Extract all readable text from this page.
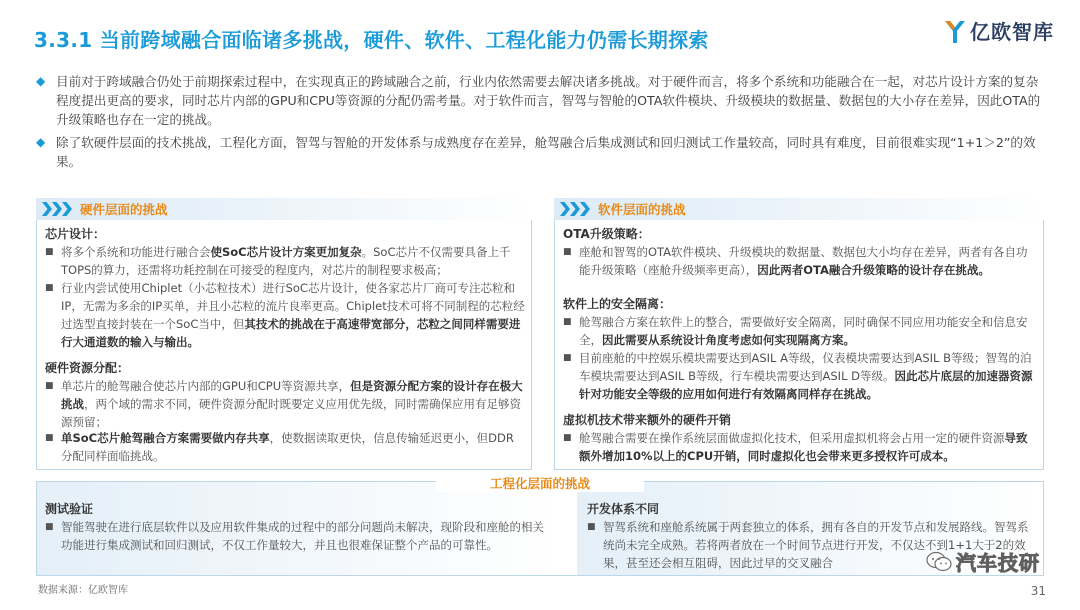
3.3.1 当前跨域融合面临诸多挑战，硬件、软件、工程化能力仍需长期探索	亿欧智库
◆ 目前对于跨域融合仍处于前期探索过程中，在实现真正的跨域融合之前，行业内依然需要去解决诸多挑战。对于硬件而言，将多个系统和功能融合在一起，对芯片设计方案的复杂程度提出更高的要求，同时芯片内部的GPU和CPU等资源的分配仍需考量。对于软件而言，智驾与智舱的OTA软件模块、升级模块的数据量、数据包的大小存在差异，因此OTA的升级策略也存在一定的挑战。
◆ 除了软硬件层面的技术挑战，工程化方面，智驾与智舱的开发体系与成熟度存在差异，舱驾融合后集成测试和回归测试工作量较高，同时具有难度，目前很难实现“1+1＞2”的效果。
硬件层面的挑战
芯片设计：
■ 将多个系统和功能进行融合会使SoC芯片设计方案更加复杂。SoC芯片不仅需要具备上千TOPS的算力，还需将功耗控制在可接受的程度内，对芯片的制程要求极高；
■ 行业内尝试使用Chiplet（小芯粒技术）进行SoC芯片设计，使各家芯片厂商可专注芯粒和IP，无需为多余的IP买单，并且小芯粒的流片良率更高。Chiplet技术可将不同制程的芯粒经过选型直接封装在一个SoC当中，但其技术的挑战在于高速带宽部分，芯粒之间同样需要进行大通道数的输入与输出。
硬件资源分配：
■ 单芯片的舱驾融合使芯片内部的GPU和CPU等资源共享，但是资源分配方案的设计存在极大挑战，两个域的需求不同，硬件资源分配时既要定义应用优先级，同时需确保应用有足够资源预留；
■ 单SoC芯片舱驾融合方案需要做内存共享，使数据读取更快，信息传输延迟更小，但DDR分配同样面临挑战。
软件层面的挑战
OTA升级策略：
■ 座舱和智驾的OTA软件模块、升级模块的数据量、数据包大小均存在差异，两者有各自功能升级策略（座舱升级频率更高），因此两者OTA融合升级策略的设计存在挑战。
软件上的安全隔离：
■ 舱驾融合方案在软件上的整合，需要做好安全隔离，同时确保不同应用功能安全和信息安全，因此需要从系统设计角度考虑如何实现隔离方案。
■ 目前座舱的中控娱乐模块需要达到ASIL A等级，仪表模块需要达到ASIL B等级；智驾的泊车模块需要达到ASIL B等级，行车模块需要达到ASIL D等级。因此芯片底层的加速器资源针对功能安全等级的应用如何进行有效隔离同样存在挑战。
虚拟机技术带来额外的硬件开销
■ 舱驾融合需要在操作系统层面做虚拟化技术，但采用虚拟机将会占用一定的硬件资源导致额外增加10%以上的CPU开销，同时虚拟化也会带来更多授权许可成本。
测试验证
■ 智能驾驶在进行底层软件以及应用软件集成的过程中的部分问题尚未解决，现阶段和座舱的相关功能进行集成测试和回归测试，不仅工作量较大，并且也很难保证整个产品的可靠性。
开发体系不同
■ 智驾系统和座舱系统属于两套独立的体系，拥有各自的开发节点和发展路线。智驾系统尚未完全成熟。若将两者放在一个时间节点进行开发，不仅达不到1+1大于2的效果，甚至还会相互阻碍，因此过早的交叉融合
工程化层面的挑战
汽车技研
数据来源：亿欧智库	31
